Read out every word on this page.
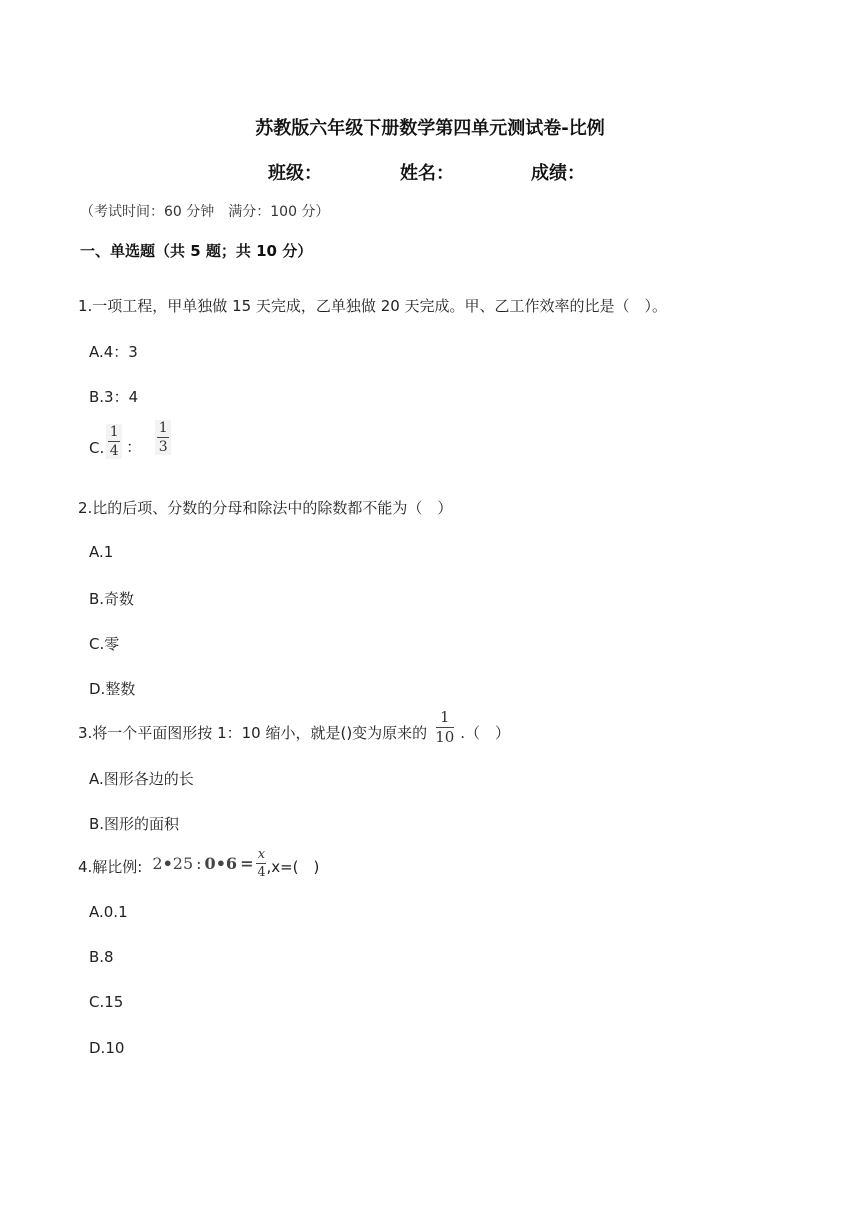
苏教版六年级下册数学第四单元测试卷-比例
班级：	姓名：	成绩：
（考试时间：60 分钟　满分：100 分）
一、单选题（共 5 题；共 10 分）
1.一项工程，甲单独做 15 天完成，乙单独做 20 天完成。甲、乙工作效率的比是（　）。
A.4：3
B.3：4
C. $\frac{1}{4}$ ： $\frac{1}{3}$
2.比的后项、分数的分母和除法中的除数都不能为（　）
A.1
B.奇数
C.零
D.整数
3.将一个平面图形按 1：10 缩小，就是()变为原来的 $\frac{1}{10}$ .（　）
A.图形各边的长
B.图形的面积
4.解比例: 2 • 25 : 0 • $6 = \frac{x}{4} ,x=$(　)
A.0.1
B.8
C.15
D.10
